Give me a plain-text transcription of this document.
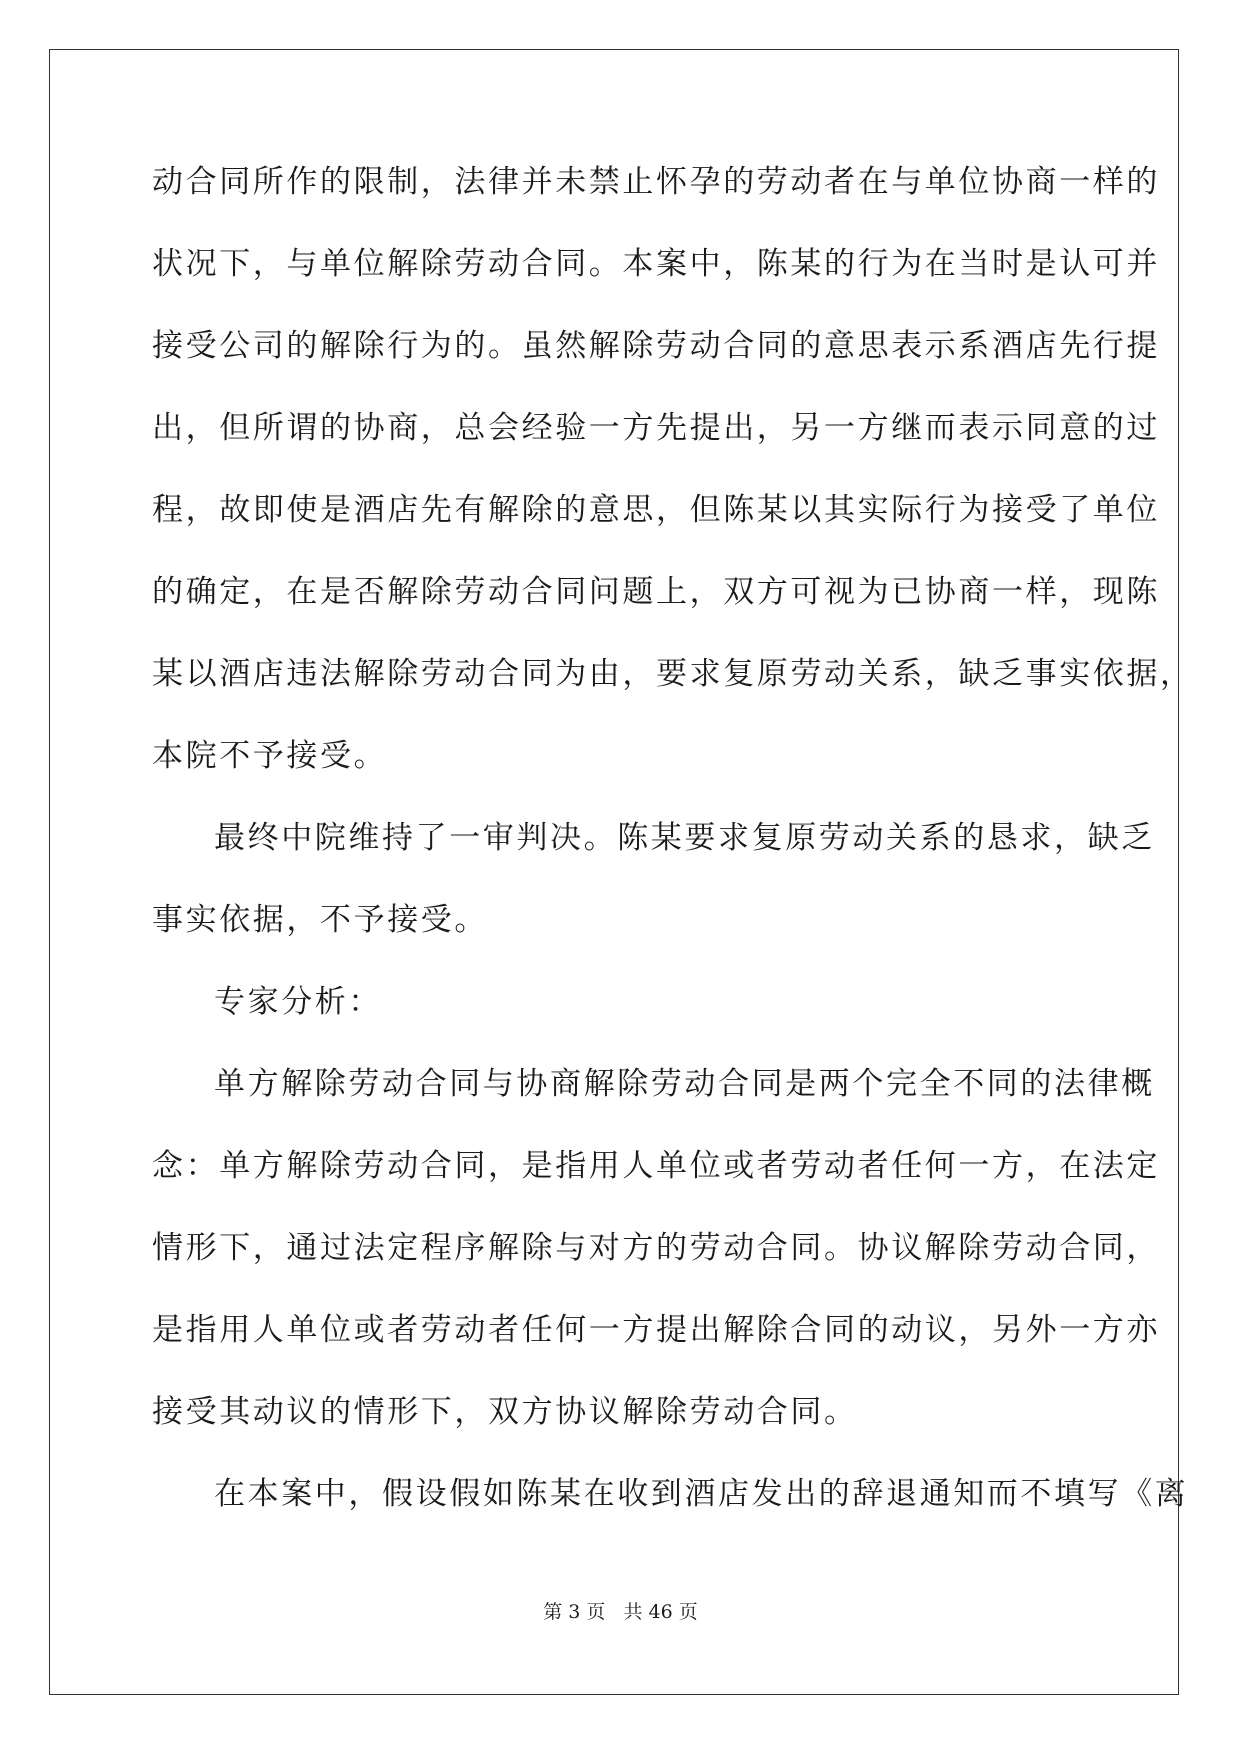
动合同所作的限制，法律并未禁止怀孕的劳动者在与单位协商一样的
状况下，与单位解除劳动合同。本案中，陈某的行为在当时是认可并
接受公司的解除行为的。虽然解除劳动合同的意思表示系酒店先行提
出，但所谓的协商，总会经验一方先提出，另一方继而表示同意的过
程，故即使是酒店先有解除的意思，但陈某以其实际行为接受了单位
的确定，在是否解除劳动合同问题上，双方可视为已协商一样，现陈
某以酒店违法解除劳动合同为由，要求复原劳动关系，缺乏事实依据，
本院不予接受。
最终中院维持了一审判决。陈某要求复原劳动关系的恳求，缺乏
事实依据，不予接受。
专家分析：
单方解除劳动合同与协商解除劳动合同是两个完全不同的法律概
念：单方解除劳动合同，是指用人单位或者劳动者任何一方，在法定
情形下，通过法定程序解除与对方的劳动合同。协议解除劳动合同，
是指用人单位或者劳动者任何一方提出解除合同的动议，另外一方亦
接受其动议的情形下，双方协议解除劳动合同。
在本案中，假设假如陈某在收到酒店发出的辞退通知而不填写《离
第 3 页   共 46 页
